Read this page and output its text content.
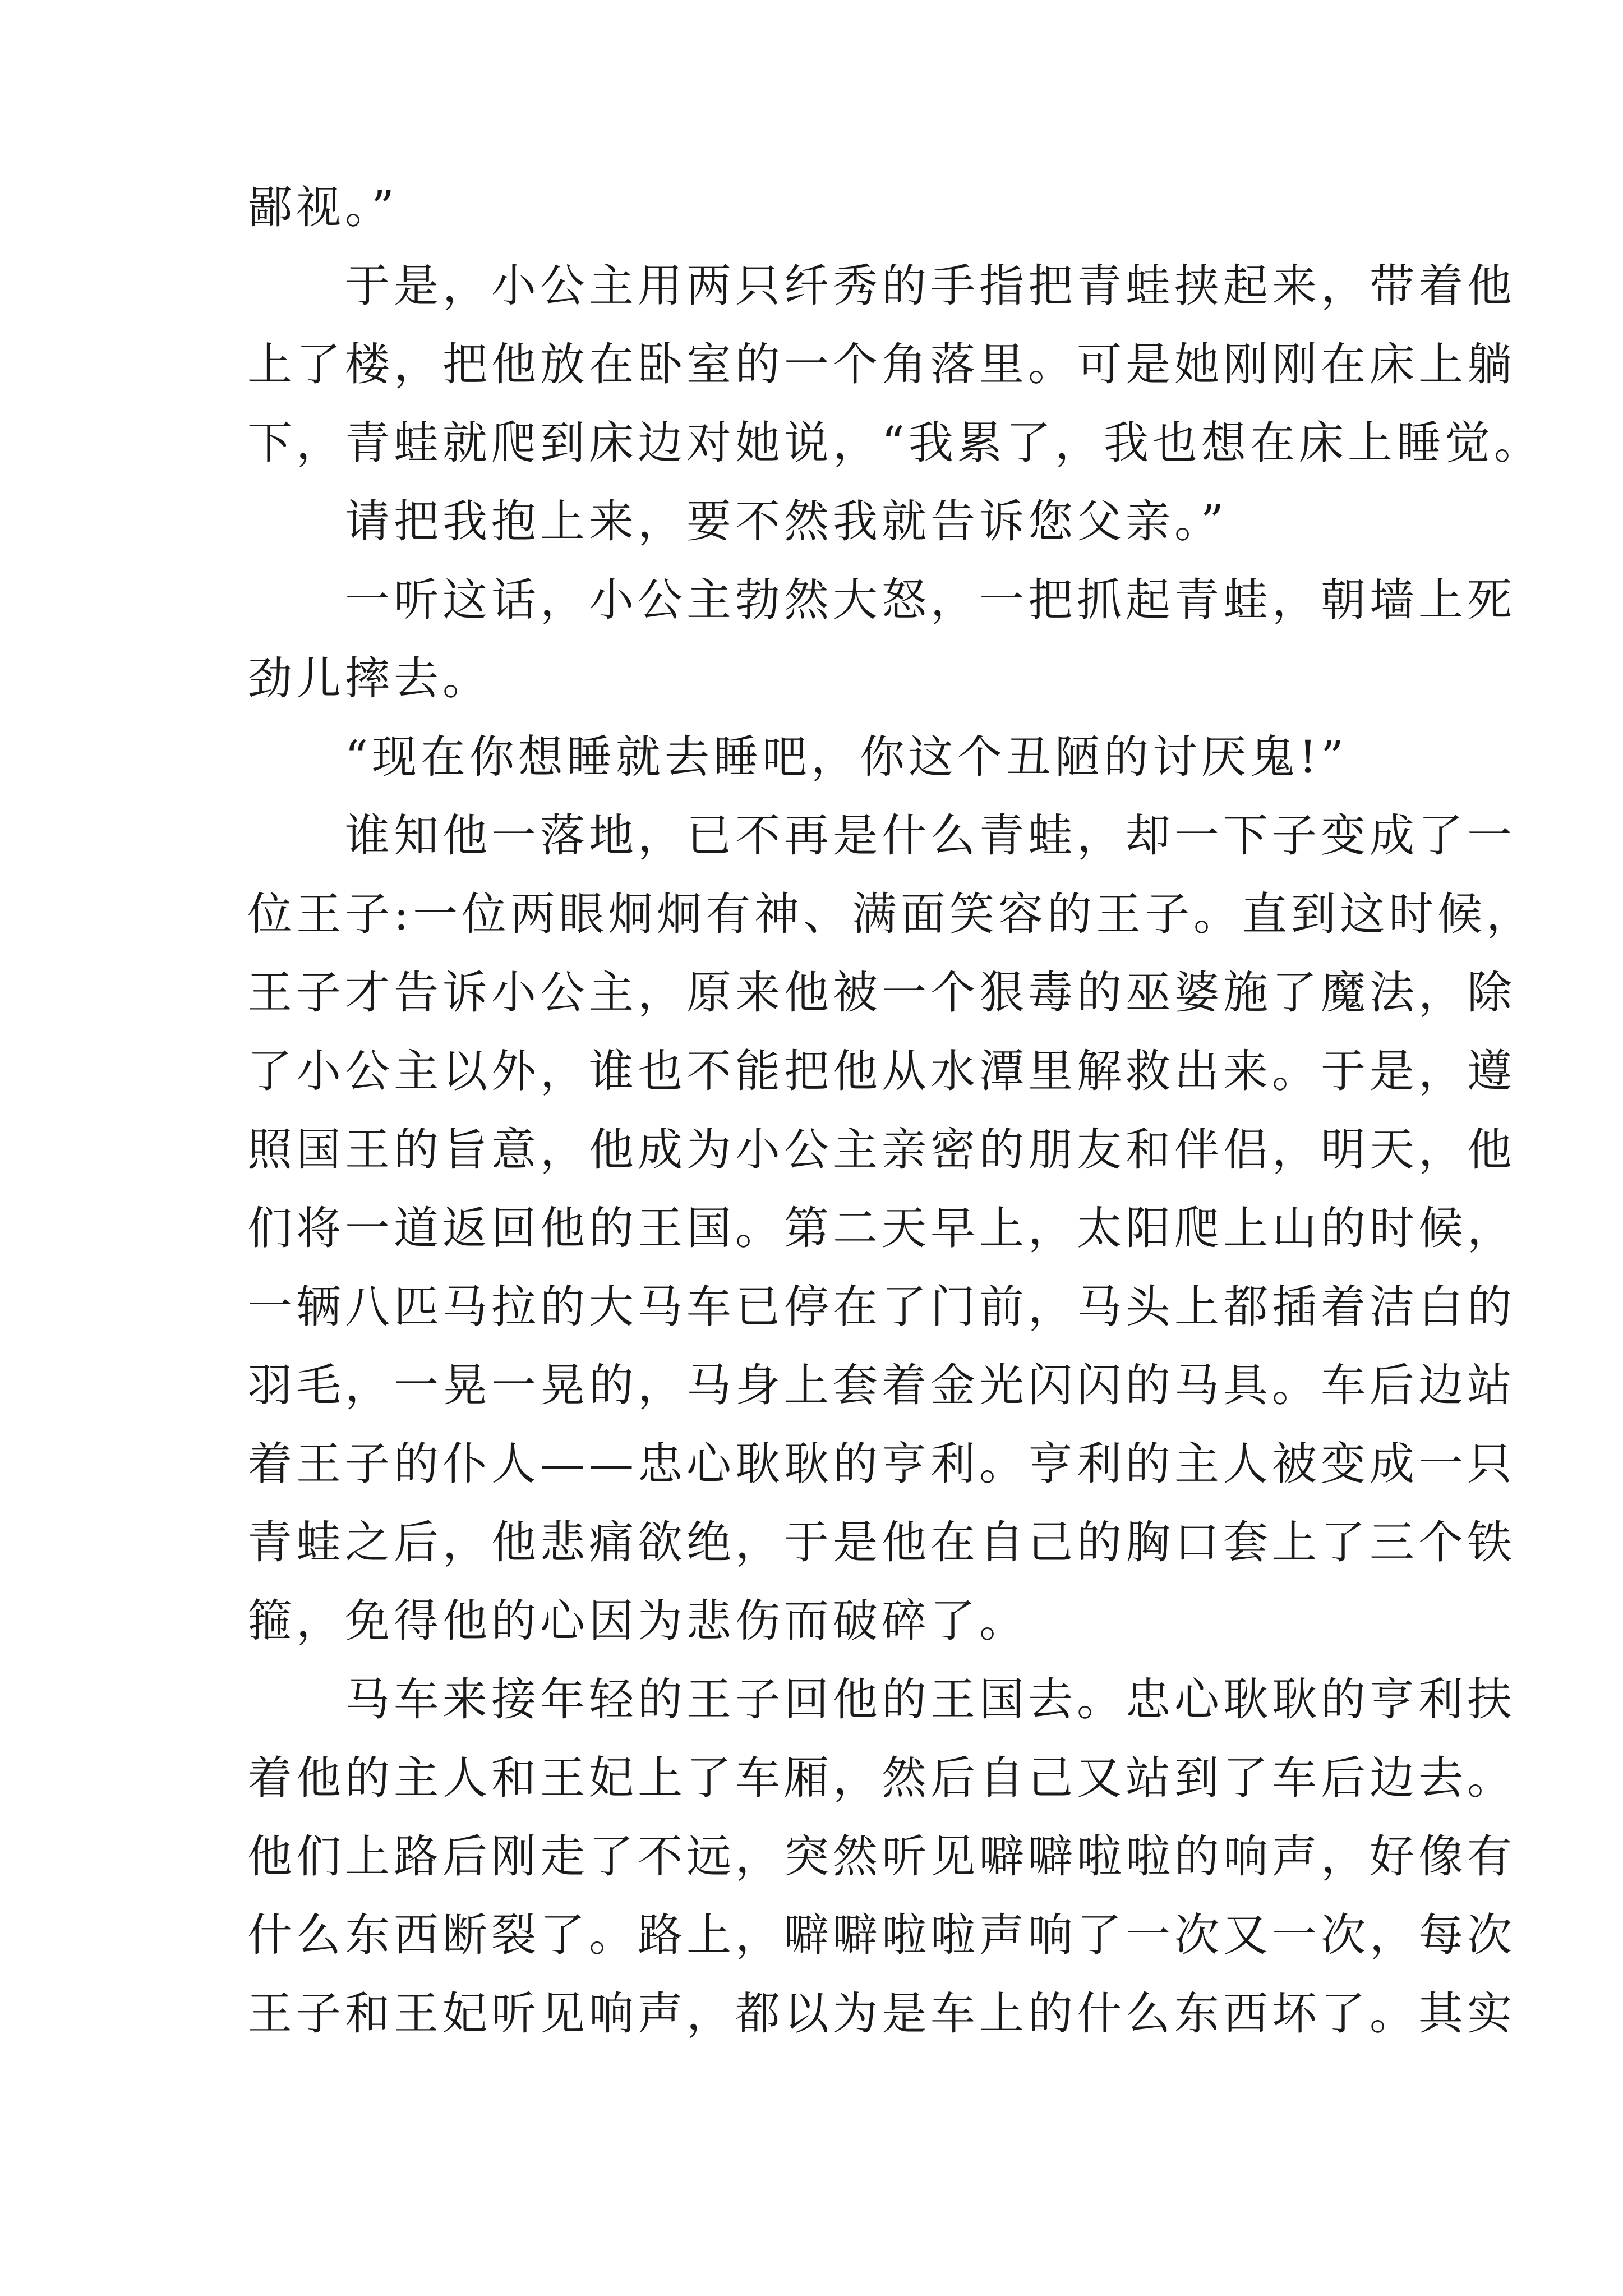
鄙视。”
于是，小公主用两只纤秀的手指把青蛙挟起来，带着他
上了楼，把他放在卧室的一个角落里。可是她刚刚在床上躺
下，青蛙就爬到床边对她说，“我累了，我也想在床上睡觉。
请把我抱上来，要不然我就告诉您父亲。”
一听这话，小公主勃然大怒，一把抓起青蛙，朝墙上死
劲儿摔去。
“现在你想睡就去睡吧，你这个丑陋的讨厌鬼!”
谁知他一落地，已不再是什么青蛙，却一下子变成了一
位王子:一位两眼炯炯有神、满面笑容的王子。直到这时候，
王子才告诉小公主，原来他被一个狠毒的巫婆施了魔法，除
了小公主以外，谁也不能把他从水潭里解救出来。于是，遵
照国王的旨意，他成为小公主亲密的朋友和伴侣，明天，他
们将一道返回他的王国。第二天早上，太阳爬上山的时候，
一辆八匹马拉的大马车已停在了门前，马头上都插着洁白的
羽毛，一晃一晃的，马身上套着金光闪闪的马具。车后边站
着王子的仆人——忠心耿耿的亨利。亨利的主人被变成一只
青蛙之后，他悲痛欲绝，于是他在自己的胸口套上了三个铁
箍，免得他的心因为悲伤而破碎了。
马车来接年轻的王子回他的王国去。忠心耿耿的亨利扶
着他的主人和王妃上了车厢，然后自己又站到了车后边去。
他们上路后刚走了不远，突然听见噼噼啦啦的响声，好像有
什么东西断裂了。路上，噼噼啦啦声响了一次又一次，每次
王子和王妃听见响声，都以为是车上的什么东西坏了。其实
